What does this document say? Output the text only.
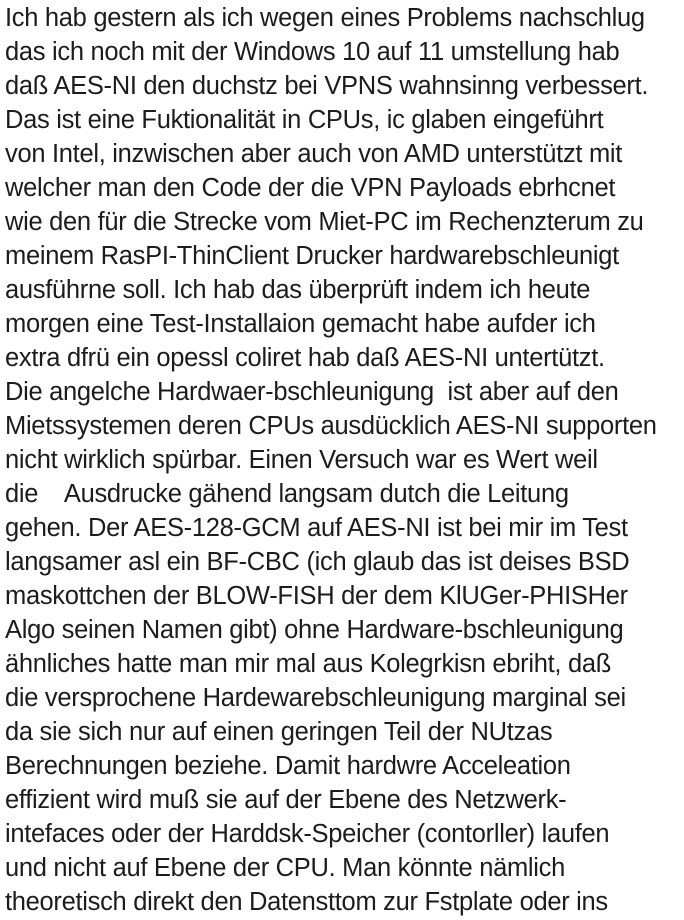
Ich hab gestern als ich wegen eines Problems nachschlug
das ich noch mit der Windows 10 auf 11 umstellung hab
daß AES-NI den duchstz bei VPNS wahnsinng verbessert.
Das ist eine Fuktionalität in CPUs, ic glaben eingeführt
von Intel, inzwischen aber auch von AMD unterstützt mit
welcher man den Code der die VPN Payloads ebrhcnet
wie den für die Strecke vom Miet-PC im Rechenzterum zu
meinem RasPI-ThinClient Drucker hardwarebschleunigt
ausführne soll. Ich hab das überprüft indem ich heute
morgen eine Test-Installaion gemacht habe aufder ich
extra dfrü ein opessl coliret hab daß AES-NI untertützt.
Die angelche Hardwaer-bschleunigung  ist aber auf den
Mietssystemen deren CPUs ausdücklich AES-NI supporten
nicht wirklich spürbar. Einen Versuch war es Wert weil
die    Ausdrucke gähend langsam dutch die Leitung
gehen. Der AES-128-GCM auf AES-NI ist bei mir im Test
langsamer asl ein BF-CBC (ich glaub das ist deises BSD
maskottchen der BLOW-FISH der dem KlUGer-PHISHer
Algo seinen Namen gibt) ohne Hardware-bschleunigung
ähnliches hatte man mir mal aus Kolegrkisn ebriht, daß
die versprochene Hardewarebschleunigung marginal sei
da sie sich nur auf einen geringen Teil der NUtzas
Berechnungen beziehe. Damit hardwre Acceleation
effizient wird muß sie auf der Ebene des Netzwerk-
intefaces oder der Harddsk-Speicher (contorller) laufen
und nicht auf Ebene der CPU. Man könnte nämlich
theoretisch direkt den Datensttom zur Fstplate oder ins
